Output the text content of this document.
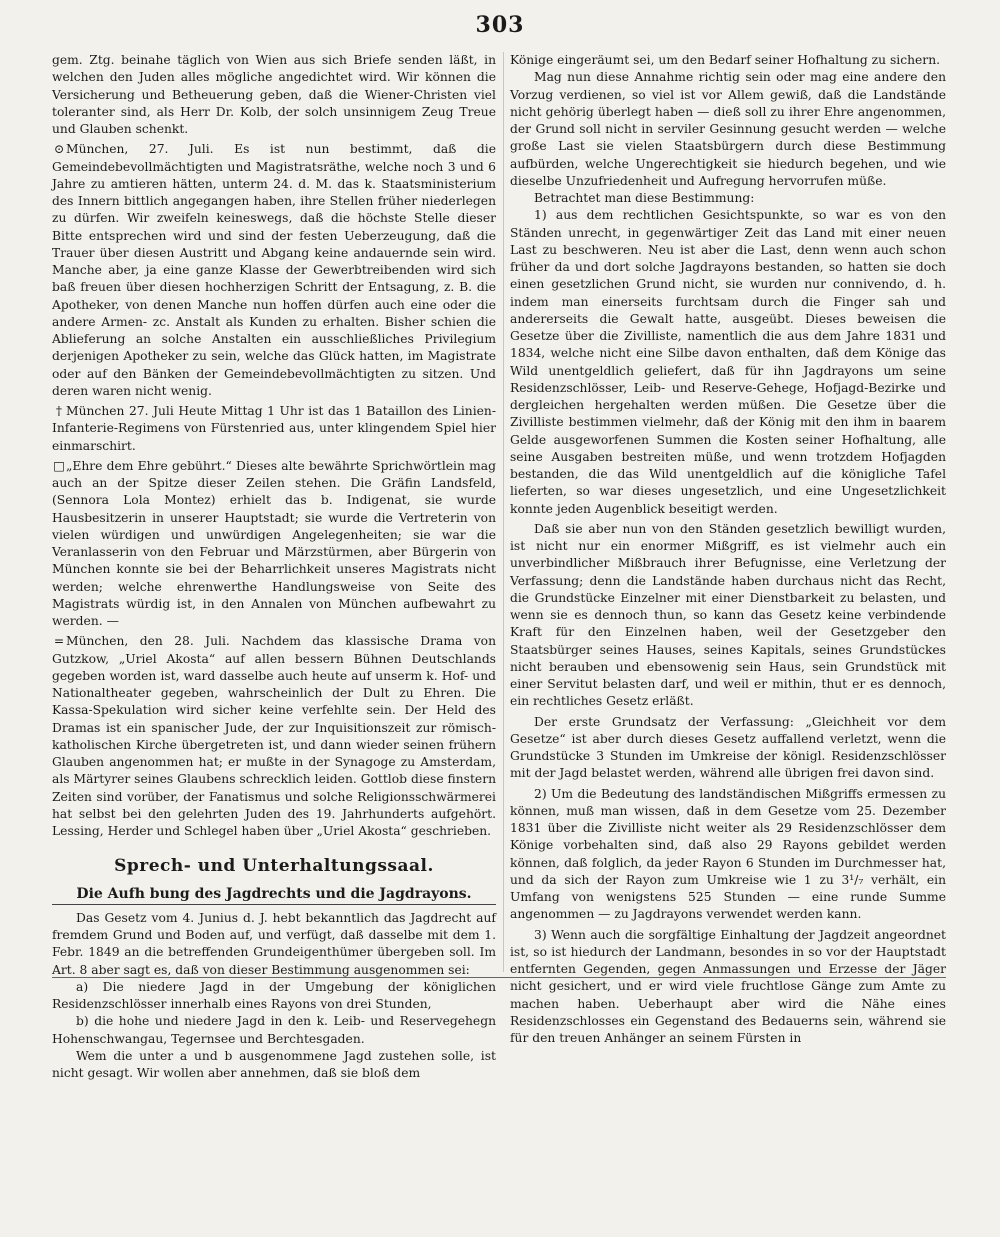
303

gem. Ztg. beinahe täglich von Wien aus sich Briefe senden läßt, in welchen den Juden alles mögliche angedichtet wird. Wir können die Versicherung und Betheuerung geben, daß die Wiener-Christen viel toleranter sind, als Herr Dr. Kolb, der solch unsinnigem Zeug Treue und Glauben schenkt.

⊙ München, 27. Juli. Es ist nun bestimmt, daß die Gemeindebevollmächtigten und Magistratsräthe, welche noch 3 und 6 Jahre zu amtieren hätten, unterm 24. d. M. das k. Staatsministerium des Innern bittlich angegangen haben, ihre Stellen früher niederlegen zu dürfen. Wir zweifeln keineswegs, daß die höchste Stelle dieser Bitte entsprechen wird und sind der festen Ueberzeugung, daß die Trauer über diesen Austritt und Abgang keine andauernde sein wird. Manche aber, ja eine ganze Klasse der Gewerbtreibenden wird sich baß freuen über diesen hochherzigen Schritt der Entsagung, z. B. die Apotheker, von denen Manche nun hoffen dürfen auch eine oder die andere Armen- zc. Anstalt als Kunden zu erhalten. Bisher schien die Ablieferung an solche Anstalten ein ausschließliches Privilegium derjenigen Apotheker zu sein, welche das Glück hatten, im Magistrate oder auf den Bänken der Gemeindebevollmächtigten zu sitzen. Und deren waren nicht wenig.

† München 27. Juli Heute Mittag 1 Uhr ist das 1 Bataillon des Linien-Infanterie-Regimens von Fürstenried aus, unter klingendem Spiel hier einmarschirt.

□„Ehre dem Ehre gebührt.“ Dieses alte bewährte Sprichwörtlein mag auch an der Spitze dieser Zeilen stehen. Die Gräfin Landsfeld, (Sennora Lola Montez) erhielt das b. Indigenat, sie wurde Hausbesitzerin in unserer Hauptstadt; sie wurde die Vertreterin von vielen würdigen und unwürdigen Angelegenheiten; sie war die Veranlasserin von den Februar und Märzstürmen, aber Bürgerin von München konnte sie bei der Beharrlichkeit unseres Magistrats nicht werden; welche ehrenwerthe Handlungsweise von Seite des Magistrats würdig ist, in den Annalen von München aufbewahrt zu werden. —

= München, den 28. Juli. Nachdem das klassische Drama von Gutzkow, „Uriel Akosta“ auf allen bessern Bühnen Deutschlands gegeben worden ist, ward dasselbe auch heute auf unserm k. Hof- und Nationaltheater gegeben, wahrscheinlich der Dult zu Ehren. Die Kassa-Spekulation wird sicher keine verfehlte sein. Der Held des Dramas ist ein spanischer Jude, der zur Inquisitionszeit zur römisch-katholischen Kirche übergetreten ist, und dann wieder seinen frühern Glauben angenommen hat; er mußte in der Synagoge zu Amsterdam, als Märtyrer seines Glaubens schrecklich leiden. Gottlob diese finstern Zeiten sind vorüber, der Fanatismus und solche Religionsschwärmerei hat selbst bei den gelehrten Juden des 19. Jahrhunderts aufgehört. Lessing, Herder und Schlegel haben über „Uriel Akosta“ geschrieben.

Sprech- und Unterhaltungssaal.
Die Aufh bung des Jagdrechts und die Jagdrayons.

Das Gesetz vom 4. Junius d. J. hebt bekanntlich das Jagdrecht auf fremdem Grund und Boden auf, und verfügt, daß dasselbe mit dem 1. Febr. 1849 an die betreffenden Grundeigenthümer übergeben soll. Im Art. 8 aber sagt es, daß von dieser Bestimmung ausgenommen sei:

a) Die niedere Jagd in der Umgebung der königlichen Residenzschlösser innerhalb eines Rayons von drei Stunden,

b) die hohe und niedere Jagd in den k. Leib- und Reservegehegn Hohenschwangau, Tegernsee und Berchtesgaden.

Wem die unter a und b ausgenommene Jagd zustehen solle, ist nicht gesagt. Wir wollen aber annehmen, daß sie bloß dem

Könige eingeräumt sei, um den Bedarf seiner Hofhaltung zu sichern.

Mag nun diese Annahme richtig sein oder mag eine andere den Vorzug verdienen, so viel ist vor Allem gewiß, daß die Landstände nicht gehörig überlegt haben — dieß soll zu ihrer Ehre angenommen, der Grund soll nicht in serviler Gesinnung gesucht werden — welche große Last sie vielen Staatsbürgern durch diese Bestimmung aufbürden, welche Ungerechtigkeit sie hiedurch begehen, und wie dieselbe Unzufriedenheit und Aufregung hervorrufen müße.

Betrachtet man diese Bestimmung:

1) aus dem rechtlichen Gesichtspunkte, so war es von den Ständen unrecht, in gegenwärtiger Zeit das Land mit einer neuen Last zu beschweren. Neu ist aber die Last, denn wenn auch schon früher da und dort solche Jagdrayons bestanden, so hatten sie doch einen gesetzlichen Grund nicht, sie wurden nur connivendo, d. h. indem man einerseits furchtsam durch die Finger sah und andererseits die Gewalt hatte, ausgeübt. Dieses beweisen die Gesetze über die Zivilliste, namentlich die aus dem Jahre 1831 und 1834, welche nicht eine Silbe davon enthalten, daß dem Könige das Wild unentgeldlich geliefert, daß für ihn Jagdrayons um seine Residenzschlösser, Leib- und Reserve-Gehege, Hofjagd-Bezirke und dergleichen hergehalten werden müßen. Die Gesetze über die Zivilliste bestimmen vielmehr, daß der König mit den ihm in baarem Gelde ausgeworfenen Summen die Kosten seiner Hofhaltung, alle seine Ausgaben bestreiten müße, und wenn trotzdem Hofjagden bestanden, die das Wild unentgeldlich auf die königliche Tafel lieferten, so war dieses ungesetzlich, und eine Ungesetzlichkeit konnte jeden Augenblick beseitigt werden.

Daß sie aber nun von den Ständen gesetzlich bewilligt wurden, ist nicht nur ein enormer Mißgriff, es ist vielmehr auch ein unverbindlicher Mißbrauch ihrer Befugnisse, eine Verletzung der Verfassung; denn die Landstände haben durchaus nicht das Recht, die Grundstücke Einzelner mit einer Dienstbarkeit zu belasten, und wenn sie es dennoch thun, so kann das Gesetz keine verbindende Kraft für den Einzelnen haben, weil der Gesetzgeber den Staatsbürger seines Hauses, seines Kapitals, seines Grundstückes nicht berauben und ebensowenig sein Haus, sein Grundstück mit einer Servitut belasten darf, und weil er mithin, thut er es dennoch, ein rechtliches Gesetz erläßt.

Der erste Grundsatz der Verfassung: „Gleichheit vor dem Gesetze“ ist aber durch dieses Gesetz auffallend verletzt, wenn die Grundstücke 3 Stunden im Umkreise der königl. Residenzschlösser mit der Jagd belastet werden, während alle übrigen frei davon sind.

2) Um die Bedeutung des landständischen Mißgriffs ermessen zu können, muß man wissen, daß in dem Gesetze vom 25. Dezember 1831 über die Zivilliste nicht weiter als 29 Residenzschlösser dem Könige vorbehalten sind, daß also 29 Rayons gebildet werden können, daß folglich, da jeder Rayon 6 Stunden im Durchmesser hat, und da sich der Rayon zum Umkreise wie 1 zu 3¹/₇ verhält, ein Umfang von wenigstens 525 Stunden — eine runde Summe angenommen — zu Jagdrayons verwendet werden kann.

3) Wenn auch die sorgfältige Einhaltung der Jagdzeit angeordnet ist, so ist hiedurch der Landmann, besondes in so vor der Hauptstadt entfernten Gegenden, gegen Anmassungen und Erzesse der Jäger nicht gesichert, und er wird viele fruchtlose Gänge zum Amte zu machen haben. Ueberhaupt aber wird die Nähe eines Residenzschlosses ein Gegenstand des Bedauerns sein, während sie für den treuen Anhänger an seinem Fürsten in
